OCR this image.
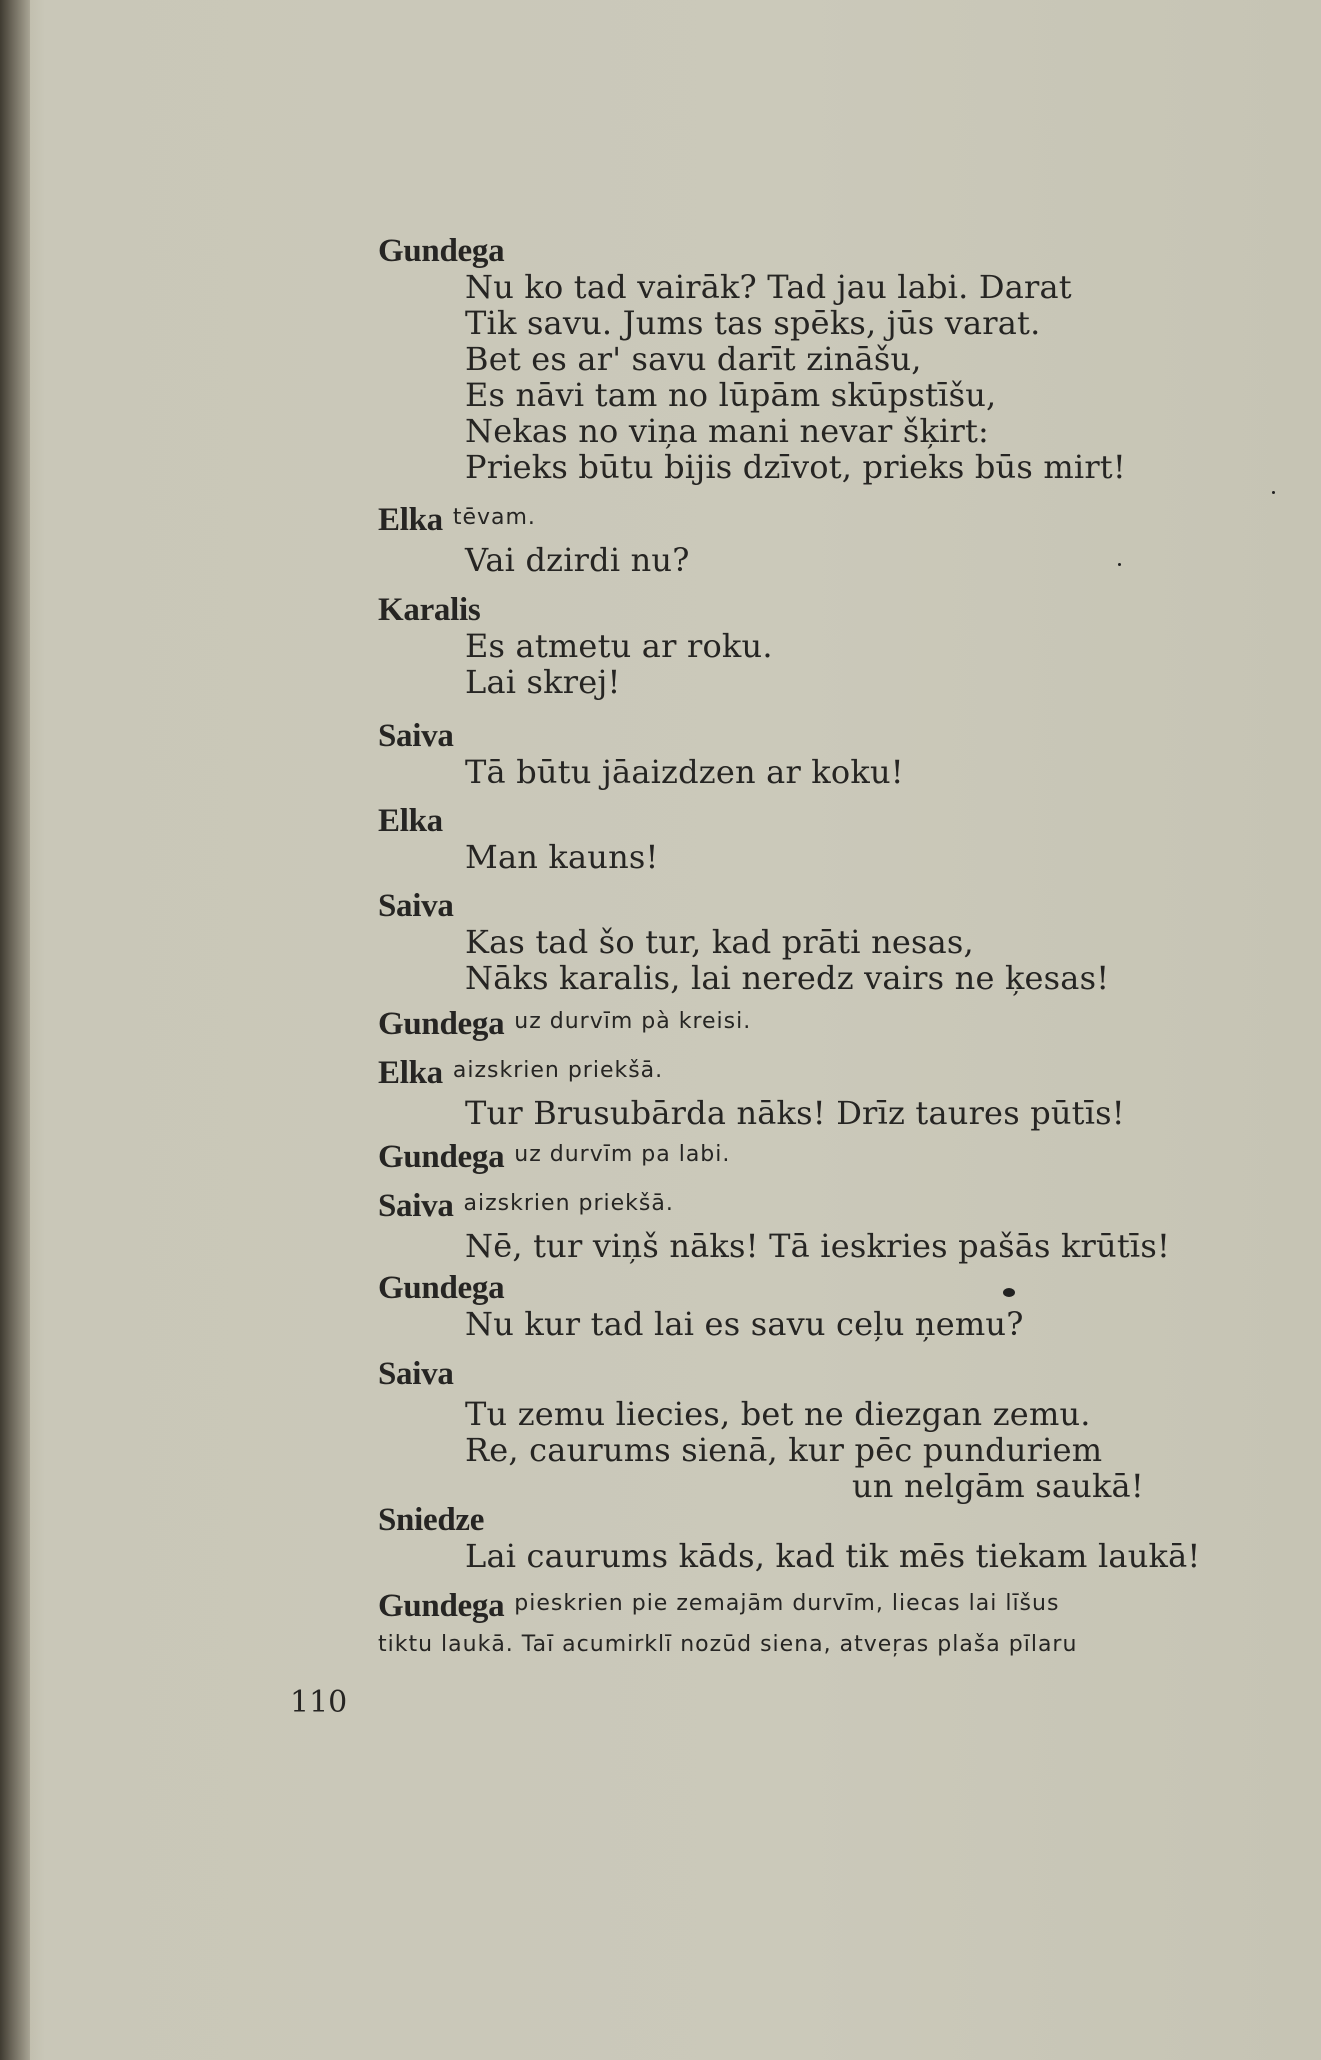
Gundega
Nu ko tad vairāk? Tad jau labi. Darat
Tik savu. Jums tas spēks, jūs varat.
Bet es ar' savu darīt zināšu,
Es nāvi tam no lūpām skūpstīšu,
Nekas no viņa mani nevar šķirt:
Prieks būtu bijis dzīvot, prieks būs mirt!
Elka tēvam.
Vai dzirdi nu?
Karalis
Es atmetu ar roku.
Lai skrej!
Saiva
Tā būtu jāaizdzen ar koku!
Elka
Man kauns!
Saiva
Kas tad šo tur, kad prāti nesas,
Nāks karalis, lai neredz vairs ne ķesas!
Gundega uz durvīm pà kreisi.
Elka aizskrien priekšā.
Tur Brusubārda nāks! Drīz taures pūtīs!
Gundega uz durvīm pa labi.
Saiva aizskrien priekšā.
Nē, tur viņš nāks! Tā ieskries pašās krūtīs!
Gundega
Nu kur tad lai es savu ceļu ņemu?
Saiva
Tu zemu liecies, bet ne diezgan zemu.
Re, caurums sienā, kur pēc punduriem
un nelgām saukā!
Sniedze
Lai caurums kāds, kad tik mēs tiekam laukā!
Gundega pieskrien pie zemajām durvīm, liecas lai līšus
tiktu laukā. Taī acumirklī nozūd siena, atveŗas plaša pīlaru
110
